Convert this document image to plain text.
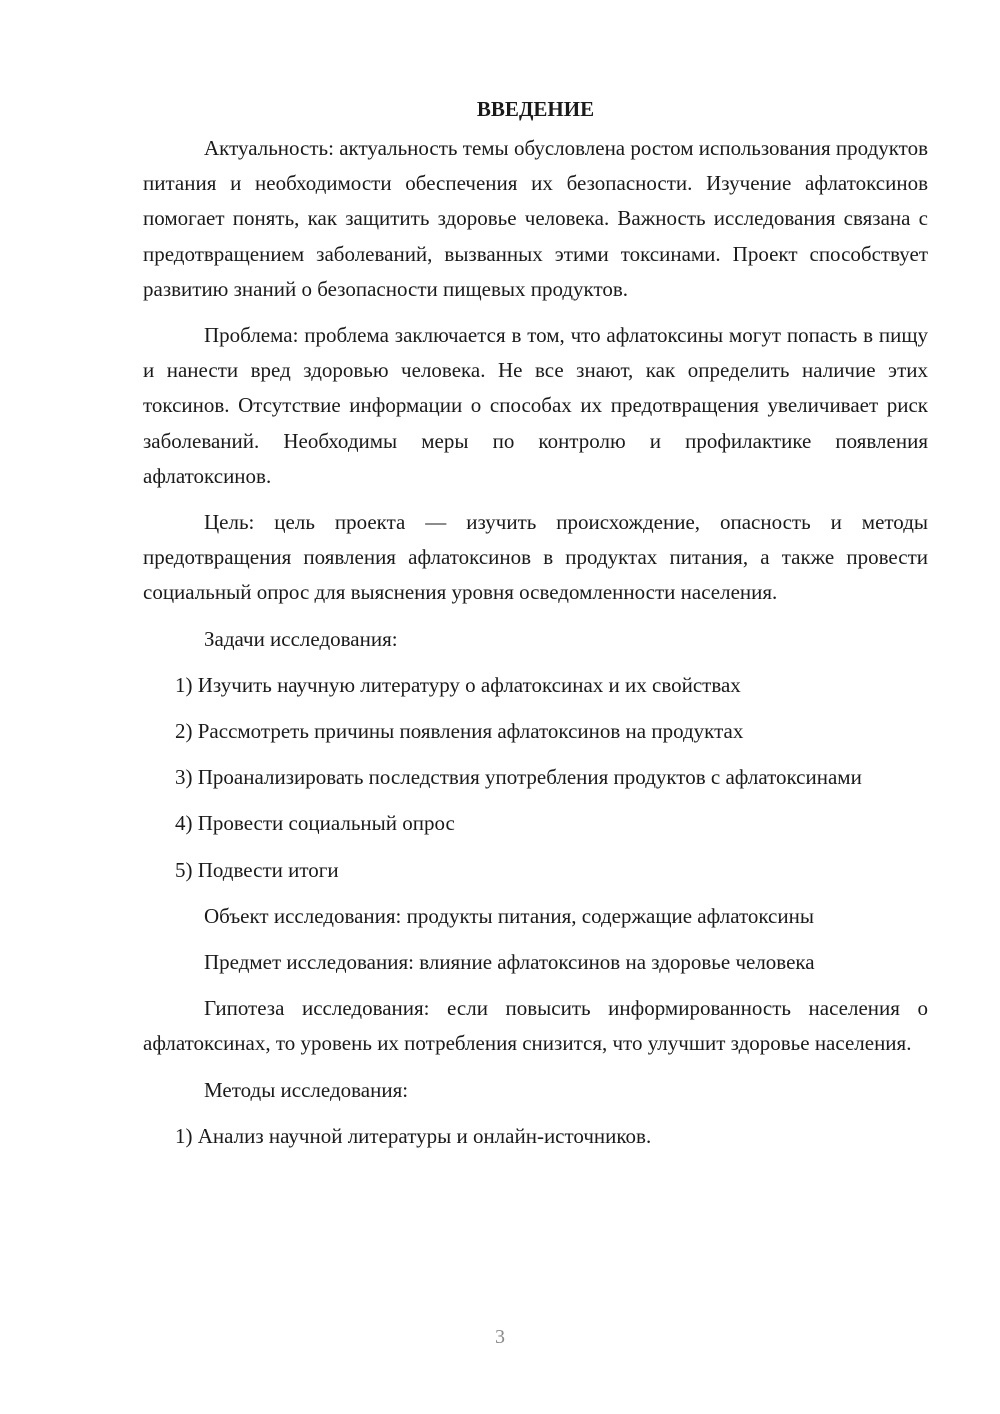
ВВЕДЕНИЕ

Актуальность: актуальность темы обусловлена ростом использования продуктов питания и необходимости обеспечения их безопасности. Изучение афлатоксинов помогает понять, как защитить здоровье человека. Важность исследования связана с предотвращением заболеваний, вызванных этими токсинами. Проект способствует развитию знаний о безопасности пищевых продуктов.

Проблема: проблема заключается в том, что афлатоксины могут попасть в пищу и нанести вред здоровью человека. Не все знают, как определить наличие этих токсинов. Отсутствие информации о способах их предотвращения увеличивает риск заболеваний. Необходимы меры по контролю и профилактике появления афлатоксинов.

Цель: цель проекта — изучить происхождение, опасность и методы предотвращения появления афлатоксинов в продуктах питания, а также провести социальный опрос для выяснения уровня осведомленности населения.

Задачи исследования:

1) Изучить научную литературу о афлатоксинах и их свойствах

2) Рассмотреть причины появления афлатоксинов на продуктах

3) Проанализировать последствия употребления продуктов с афлатоксинами

4) Провести социальный опрос

5) Подвести итоги

Объект исследования: продукты питания, содержащие афлатоксины

Предмет исследования: влияние афлатоксинов на здоровье человека

Гипотеза исследования: если повысить информированность населения о афлатоксинах, то уровень их потребления снизится, что улучшит здоровье населения.

Методы исследования:

1) Анализ научной литературы и онлайн-источников.

3
